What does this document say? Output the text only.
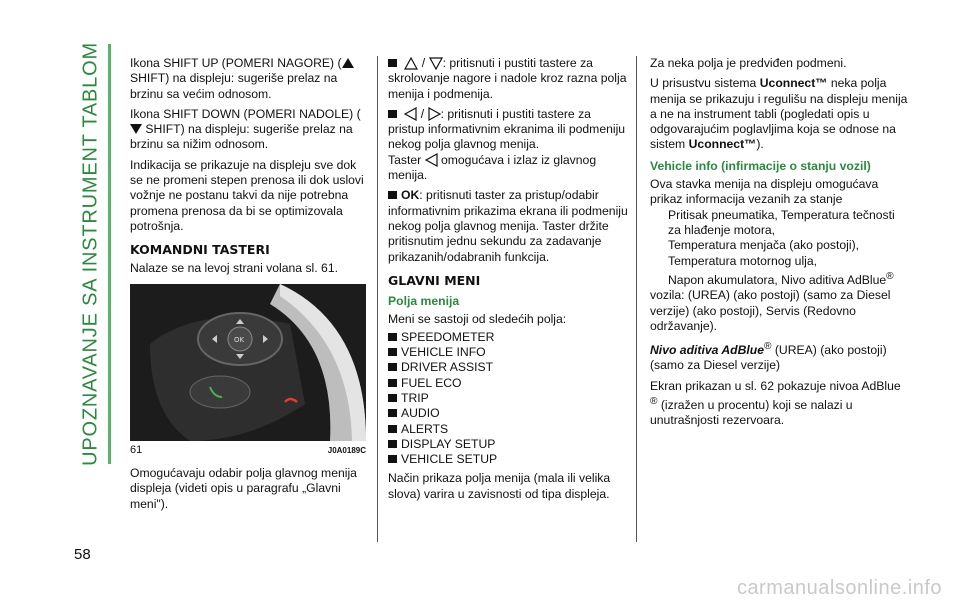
UPOZNAVANJE SA INSTRUMENT TABLOM
58

Ikona SHIFT UP (POMERI NAGORE) ( SHIFT) na displeju: sugeriše prelaz na brzinu sa većim odnosom.

Ikona SHIFT DOWN (POMERI NADOLE) ( SHIFT) na displeju: sugeriše prelaz na brzinu sa nižim odnosom.

Indikacija se prikazuje na displeju sve dok se ne promeni stepen prenosa ili dok uslovi vožnje ne postanu takvi da nije potrebna promena prenosa da bi se optimizovala potrošnja.

KOMANDNI TASTERI

Nalaze se na levoj strani volana sl. 61.

OK
61	J0A0189C

Omogućavaju odabir polja glavnog menija displeja (videti opis u paragrafu „Glavni meni").

/ : pritisnuti i pustiti tastere za skrolovanje nagore i nadole kroz razna polja menija i podmenija.

/ : pritisnuti i pustiti tastere za pristup informativnim ekranima ili podmeniju nekog polja glavnog menija.
Taster omogućava i izlaz iz glavnog menija.

OK: pritisnuti taster za pristup/odabir informativnim prikazima ekrana ili podmeniju nekog polja glavnog menija. Taster držite pritisnutim jednu sekundu za zadavanje prikazanih/odabranih funkcija.

GLAVNI MENI
Polja menija

Meni se sastoji od sledećih polja:

SPEEDOMETER
VEHICLE INFO
DRIVER ASSIST
FUEL ECO
TRIP
AUDIO
ALERTS
DISPLAY SETUP
VEHICLE SETUP

Način prikaza polja menija (mala ili velika slova) varira u zavisnosti od tipa displeja.

Za neka polja je predviđen podmeni.

U prisustvu sistema Uconnect™ neka polja menija se prikazuju i regulišu na displeju menija a ne na instrument tabli (pogledati opis u odgovarajućim poglavljima koja se odnose na sistem Uconnect™).

Vehicle info (infirmacije o stanju vozil)

Ova stavka menija na displeju omogućava prikaz informacija vezanih za stanje

Pritisak pneumatika, Temperatura tečnosti za hlađenje motora,
Temperatura menjača (ako postoji),
Temperatura motornog ulja,
Napon akumulatora, Nivo aditiva AdBlue®

vozila: (UREA) (ako postoji) (samo za Diesel verzije) (ako postoji), Servis (Redovno održavanje).

Nivo aditiva AdBlue® (UREA) (ako postoji) (samo za Diesel verzije)

Ekran prikazan u sl. 62 pokazuje nivoa AdBlue ® (izražen u procentu) koji se nalazi u unutrašnjosti rezervoara.

carmanualsonline.info
